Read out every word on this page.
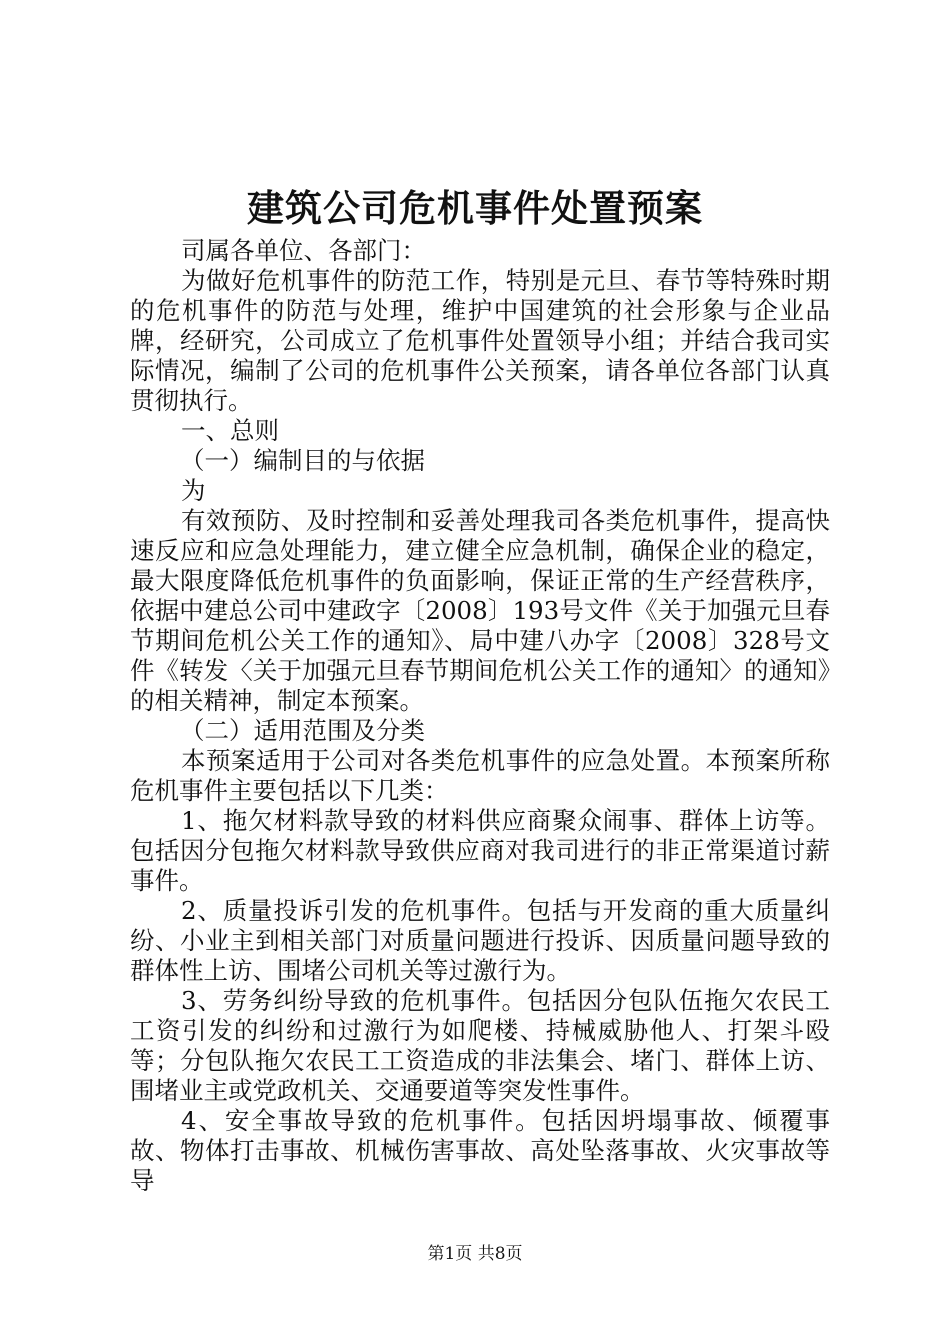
建筑公司危机事件处置预案

司属各单位、各部门：

为做好危机事件的防范工作，特别是元旦、春节等特殊时期的危机事件的防范与处理，维护中国建筑的社会形象与企业品牌，经研究，公司成立了危机事件处置领导小组；并结合我司实际情况，编制了公司的危机事件公关预案，请各单位各部门认真贯彻执行。

一、总则

（一）编制目的与依据

为

有效预防、及时控制和妥善处理我司各类危机事件，提高快速反应和应急处理能力，建立健全应急机制，确保企业的稳定，最大限度降低危机事件的负面影响，保证正常的生产经营秩序，依据中建总公司中建政字〔2008〕193号文件《关于加强元旦春节期间危机公关工作的通知》、局中建八办字〔2008〕328号文件《转发〈关于加强元旦春节期间危机公关工作的通知〉的通知》的相关精神，制定本预案。

（二）适用范围及分类

本预案适用于公司对各类危机事件的应急处置。本预案所称危机事件主要包括以下几类：

1、拖欠材料款导致的材料供应商聚众闹事、群体上访等。包括因分包拖欠材料款导致供应商对我司进行的非正常渠道讨薪事件。

2、质量投诉引发的危机事件。包括与开发商的重大质量纠纷、小业主到相关部门对质量问题进行投诉、因质量问题导致的群体性上访、围堵公司机关等过激行为。

3、劳务纠纷导致的危机事件。包括因分包队伍拖欠农民工工资引发的纠纷和过激行为如爬楼、持械威胁他人、打架斗殴等；分包队拖欠农民工工资造成的非法集会、堵门、群体上访、围堵业主或党政机关、交通要道等突发性事件。

4、安全事故导致的危机事件。包括因坍塌事故、倾覆事故、物体打击事故、机械伤害事故、高处坠落事故、火灾事故等导

第1页 共8页
